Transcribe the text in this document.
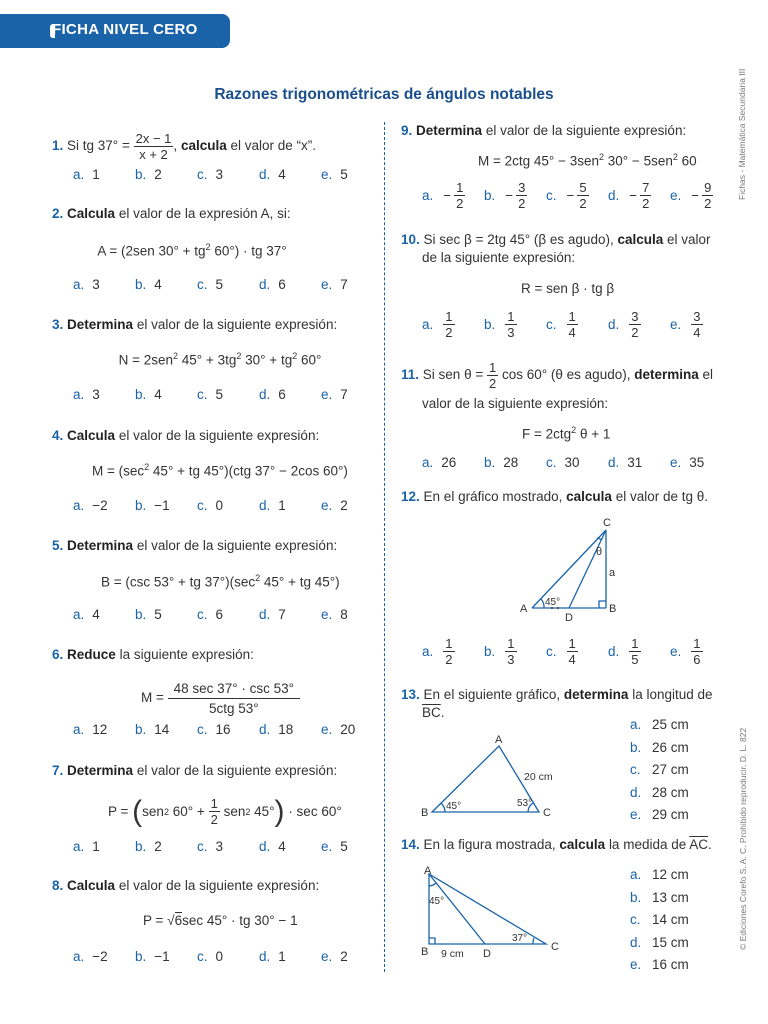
FICHA NIVEL CERO
Razones trigonométricas de ángulos notables	Fichas - Matemática Secundaria III
© Ediciones Corefo S. A. C. Prohibido reproducir. D. L. 822
1. Si tg $37^\circ = \frac{2x - 1}{x + 2}$ , calcula el valor de “x”.
a. 1	b. 2	c. 3	d. 4	e. 5
2. Calcula el valor de la expresión A, si:
A = (2sen $30^\circ + tg^2$ 60°) · tg 37°
a. 3	b. 4	c. 5	d. 6	e. 7
3. Determina el valor de la siguiente expresión:
N = 2sen$^2$ $45^\circ + 3tg^2$ $30^\circ + tg^2$ 60°
a. 3	b. 4	c. 5	d. 6	e. 7
4. Calcula el valor de la siguiente expresión:
$M = (\sec^2$ 45° + tg 45°)(ctg 37° − 2cos 60°)
a. −2	b. −1	c. 0	d. 1	e. 2
5. Determina el valor de la siguiente expresión:
B = (csc 53° + tg $37^\circ)(\sec^2$ 45° + tg 45°)
a. 4	b. 5	c. 6	d. 7	e. 8
6. Reduce la siguiente expresión:
$M = \frac{48 \sec 37^\circ \cdot \csc 53^\circ}{\text{5ctg 53°}}$
a. 12	b. 14	c. 16	d. 18	e. 20
7. Determina el valor de la siguiente expresión:
P =
( sen 2
60° +
$\frac{1}{2}$
sen 2
45° )
· sec 60°
a. 1	b. 2	c. 3	d. 4	e. 5
8. Calcula el valor de la siguiente expresión:
P = √6sec 45° · tg 30° − 1
a. −2	b. −1	c. 0	d. 1	e. 2
9. Determina el valor de la siguiente expresión:
M = 2ctg 45° − 3sen$^2$ 30° − 5sen$^2$ 60
a. − $\frac{1}{2} b$. − $\frac{3}{2} c$. − $\frac{5}{2} d$. − $\frac{7}{2} e$. − $\frac{9}{2}$
10. Si sec β = 2tg 45° (β es agudo), calcula el valor
de la siguiente expresión:
R = sen β · tg β
a. $\frac{1}{2} b$. $\frac{1}{3} c$. $\frac{1}{4} d$. $\frac{3}{2} e$. $\frac{3}{4}$
11. Si sen $\theta = \frac{1}{2}$ cos 60° (θ es agudo), determina el
valor de la siguiente expresión:
F = 2ctg$^2$ θ + 1
a. 26	b. 28	c. 30	d. 31	e. 35
12. En el gráfico mostrado, calcula el valor de tg θ.
C
A	B
D
a
θ
45°
a. $\frac{1}{2} b$. $\frac{1}{3} c$. $\frac{1}{4} d$. $\frac{1}{5} e$. $\frac{1}{6}$
13. En el siguiente gráfico, determina la longitud de
$\overline{BC}$.
A
B	C
20 cm
45°	53°
a. 25 cm
b. 26 cm
c. 27 cm
d. 28 cm
e. 29 cm
14. En la figura mostrada, calcula la medida de $\overline{AC}$.
A
B	C
D
45°
37°
9 cm
a. 12 cm
b. 13 cm
c. 14 cm
d. 15 cm
e. 16 cm
